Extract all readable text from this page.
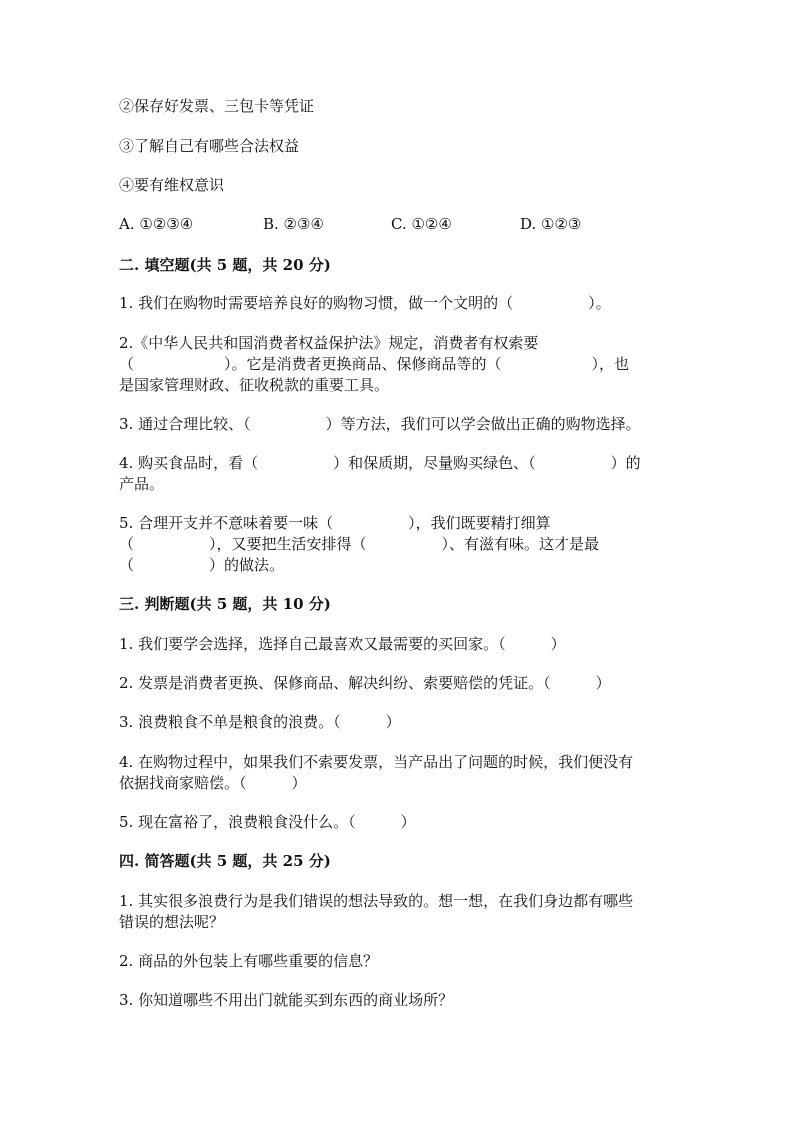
②保存好发票、三包卡等凭证
③了解自己有哪些合法权益
④要有维权意识
A. ①②③④	B. ②③④	C. ①②④	D. ①②③
二. 填空题(共 5 题，共 20 分)
1. 我们在购物时需要培养良好的购物习惯，做一个文明的（　　　　　）。
2.《中华人民共和国消费者权益保护法》规定，消费者有权索要
（　　　　　　）。它是消费者更换商品、保修商品等的（　　　　　　），也
是国家管理财政、征收税款的重要工具。
3. 通过合理比较、（　　　　　）等方法，我们可以学会做出正确的购物选择。
4. 购买食品时，看（　　　　　）和保质期，尽量购买绿色、（　　　　　）的
产品。
5. 合理开支并不意味着要一味（　　　　　），我们既要精打细算
（　　　　　），又要把生活安排得（　　　　　）、有滋有味。这才是最
（　　　　　）的做法。
三. 判断题(共 5 题，共 10 分)
1. 我们要学会选择，选择自己最喜欢又最需要的买回家。（　　　）
2. 发票是消费者更换、保修商品、解决纠纷、索要赔偿的凭证。（　　　）
3. 浪费粮食不单是粮食的浪费。（　　　）
4. 在购物过程中，如果我们不索要发票，当产品出了问题的时候，我们便没有
依据找商家赔偿。（　　　）
5. 现在富裕了，浪费粮食没什么。（　　　）
四. 简答题(共 5 题，共 25 分)
1. 其实很多浪费行为是我们错误的想法导致的。想一想，在我们身边都有哪些
错误的想法呢？
2. 商品的外包装上有哪些重要的信息？
3. 你知道哪些不用出门就能买到东西的商业场所？
